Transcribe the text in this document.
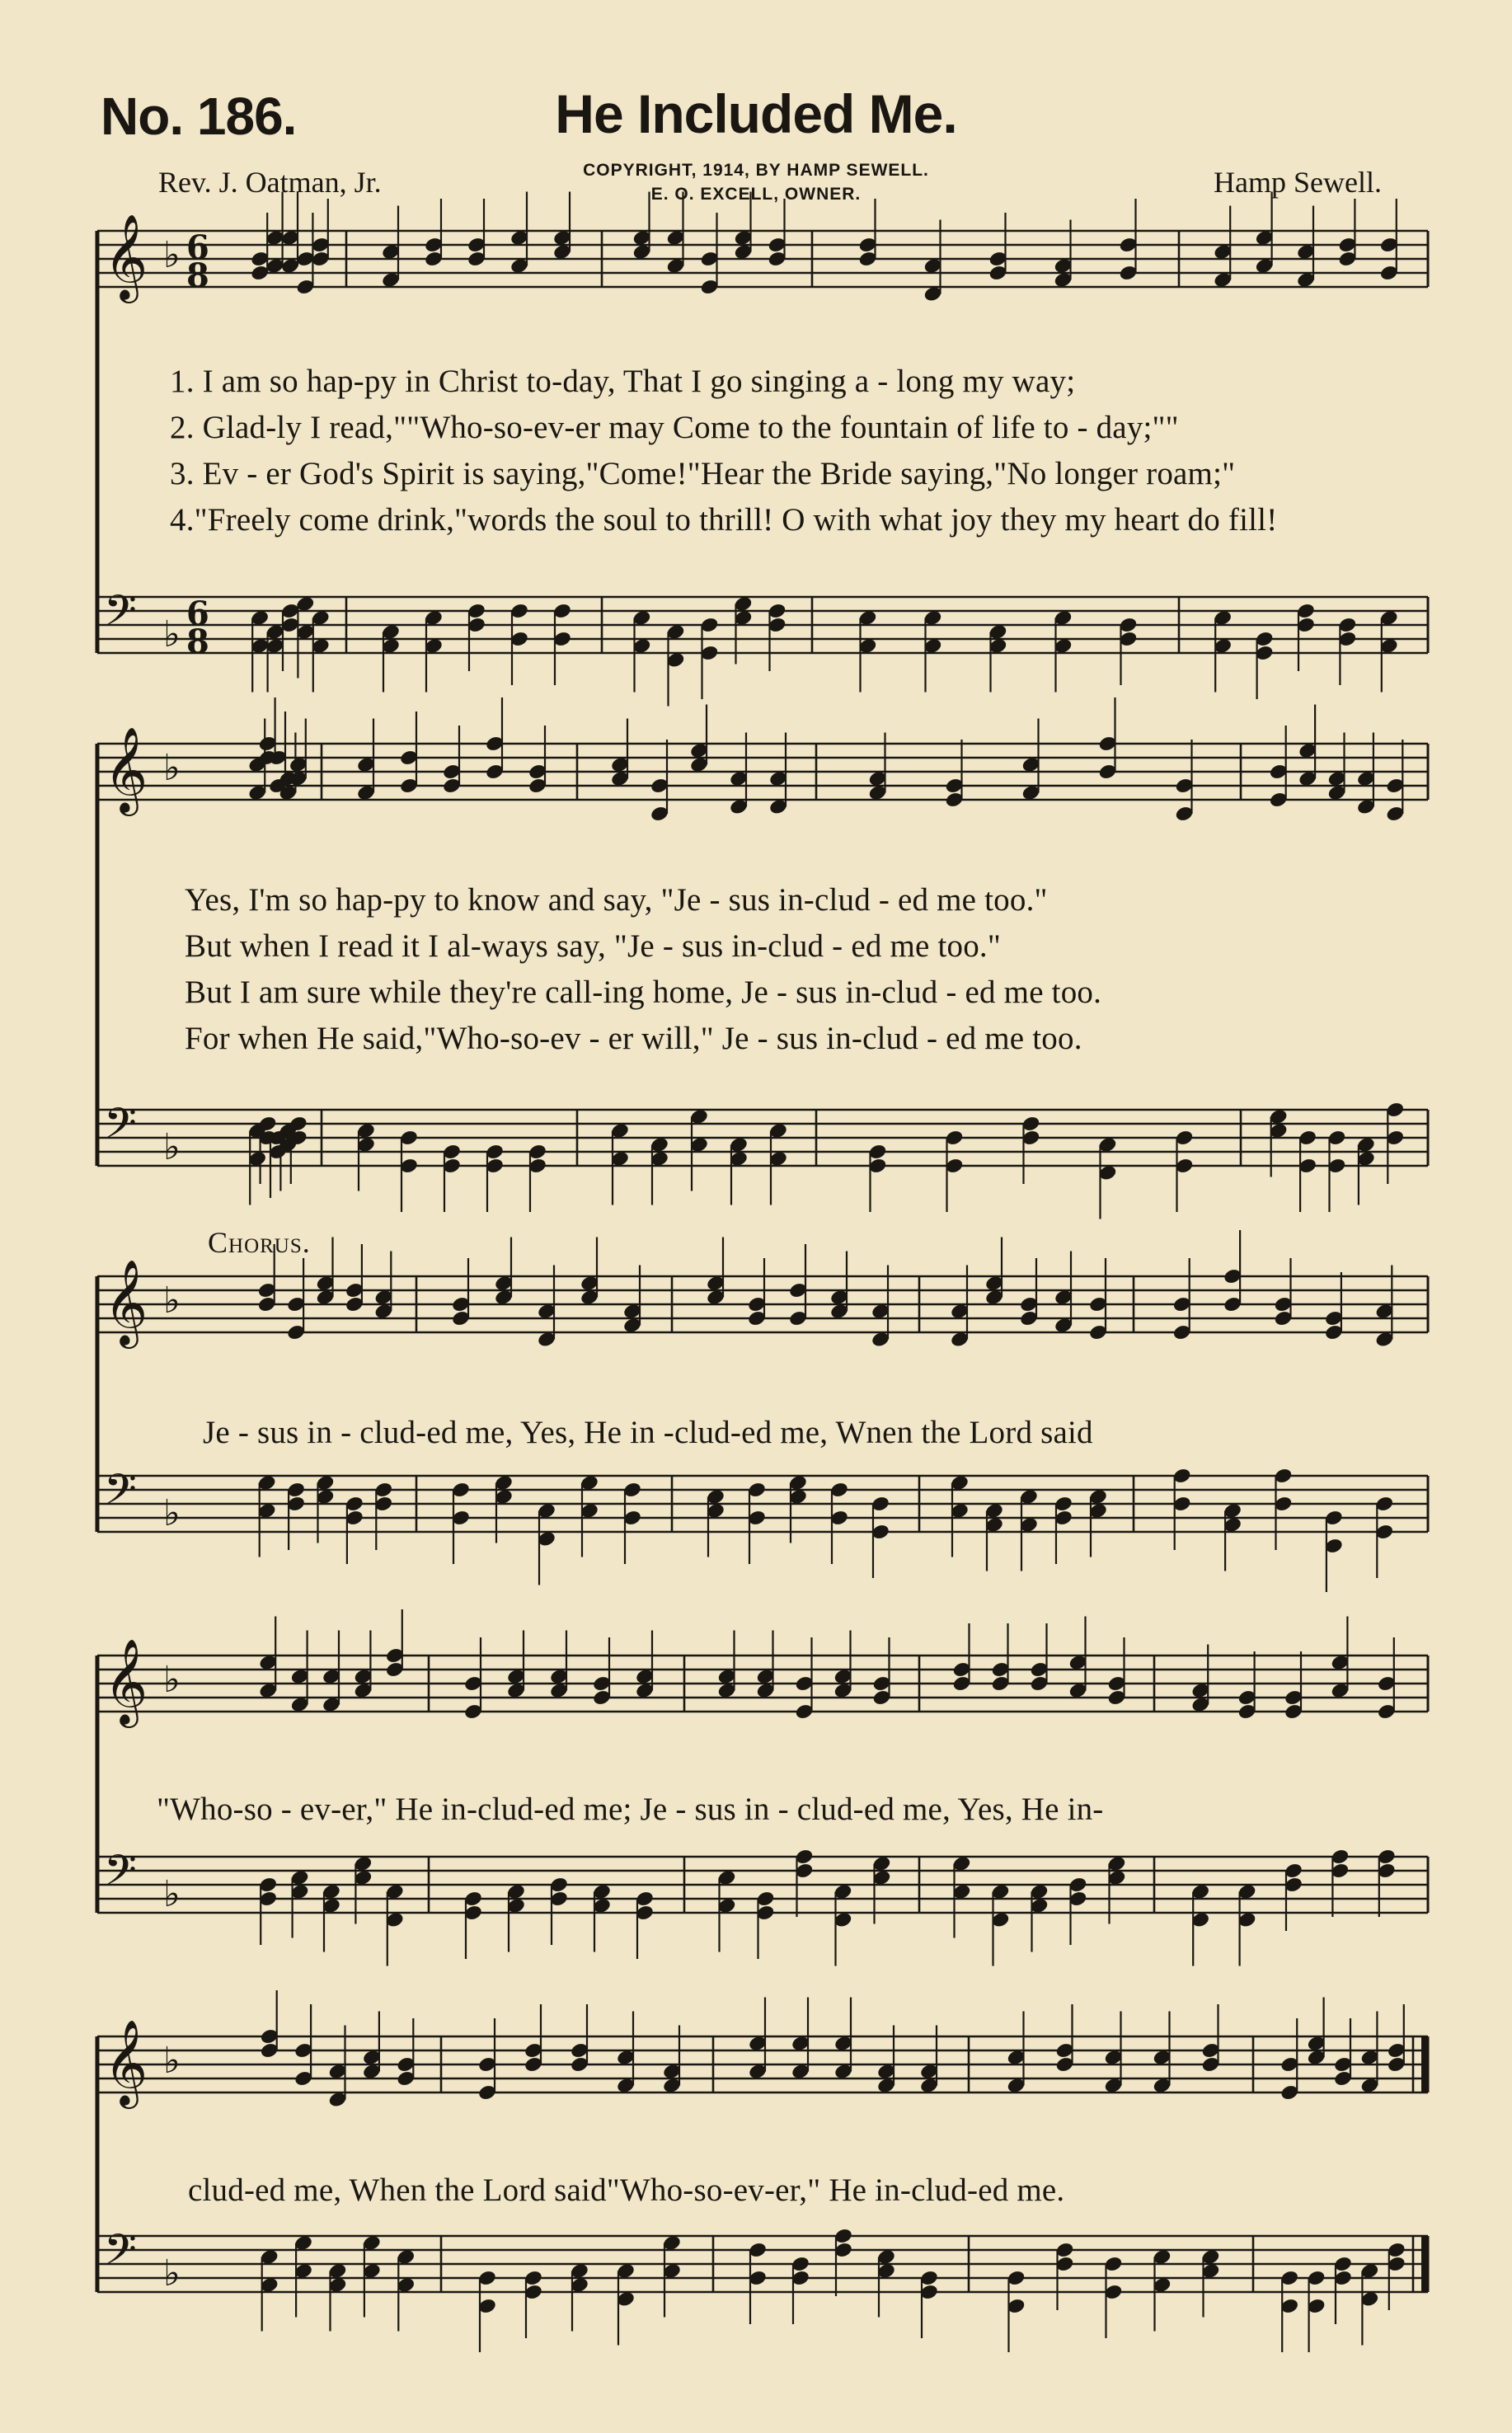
No. 186.	He Included Me.
Rev. J. Oatman, Jr.	COPYRIGHT, 1914, BY HAMP SEWELL.
E. O. EXCELL, OWNER.	Hamp Sewell.
𝄞
𝄢
♭
♭
6
8
6
8
𝄞
𝄢
♭
♭
𝄞
𝄢
♭
♭
𝄞
𝄢
♭
♭
𝄞
𝄢
♭
♭
1. I am so hap-py in Christ to-day, That I go singing a - long my way;
2. Glad-ly I read,""Who-so-ev-er may Come to the fountain of life to - day;""
3. Ev - er God's Spirit is saying,"Come!"Hear the Bride saying,"No longer roam;"
4."Freely come drink,"words the soul to thrill! O with what joy they my heart do fill!
Yes, I'm so hap-py to know and say, "Je - sus in-clud - ed me too."
But when I read it I al-ways say, "Je - sus in-clud - ed me too."
But I am sure while they're call-ing home, Je - sus in-clud - ed me too.
For when He said,"Who-so-ev - er will," Je - sus in-clud - ed me too.
Chorus.
Je - sus in - clud-ed me, Yes, He in -clud-ed me, Wnen the Lord said
"Who-so - ev-er," He in-clud-ed me; Je - sus in - clud-ed me, Yes, He in-
clud-ed me, When the Lord said"Who-so-ev-er," He in-clud-ed me.
